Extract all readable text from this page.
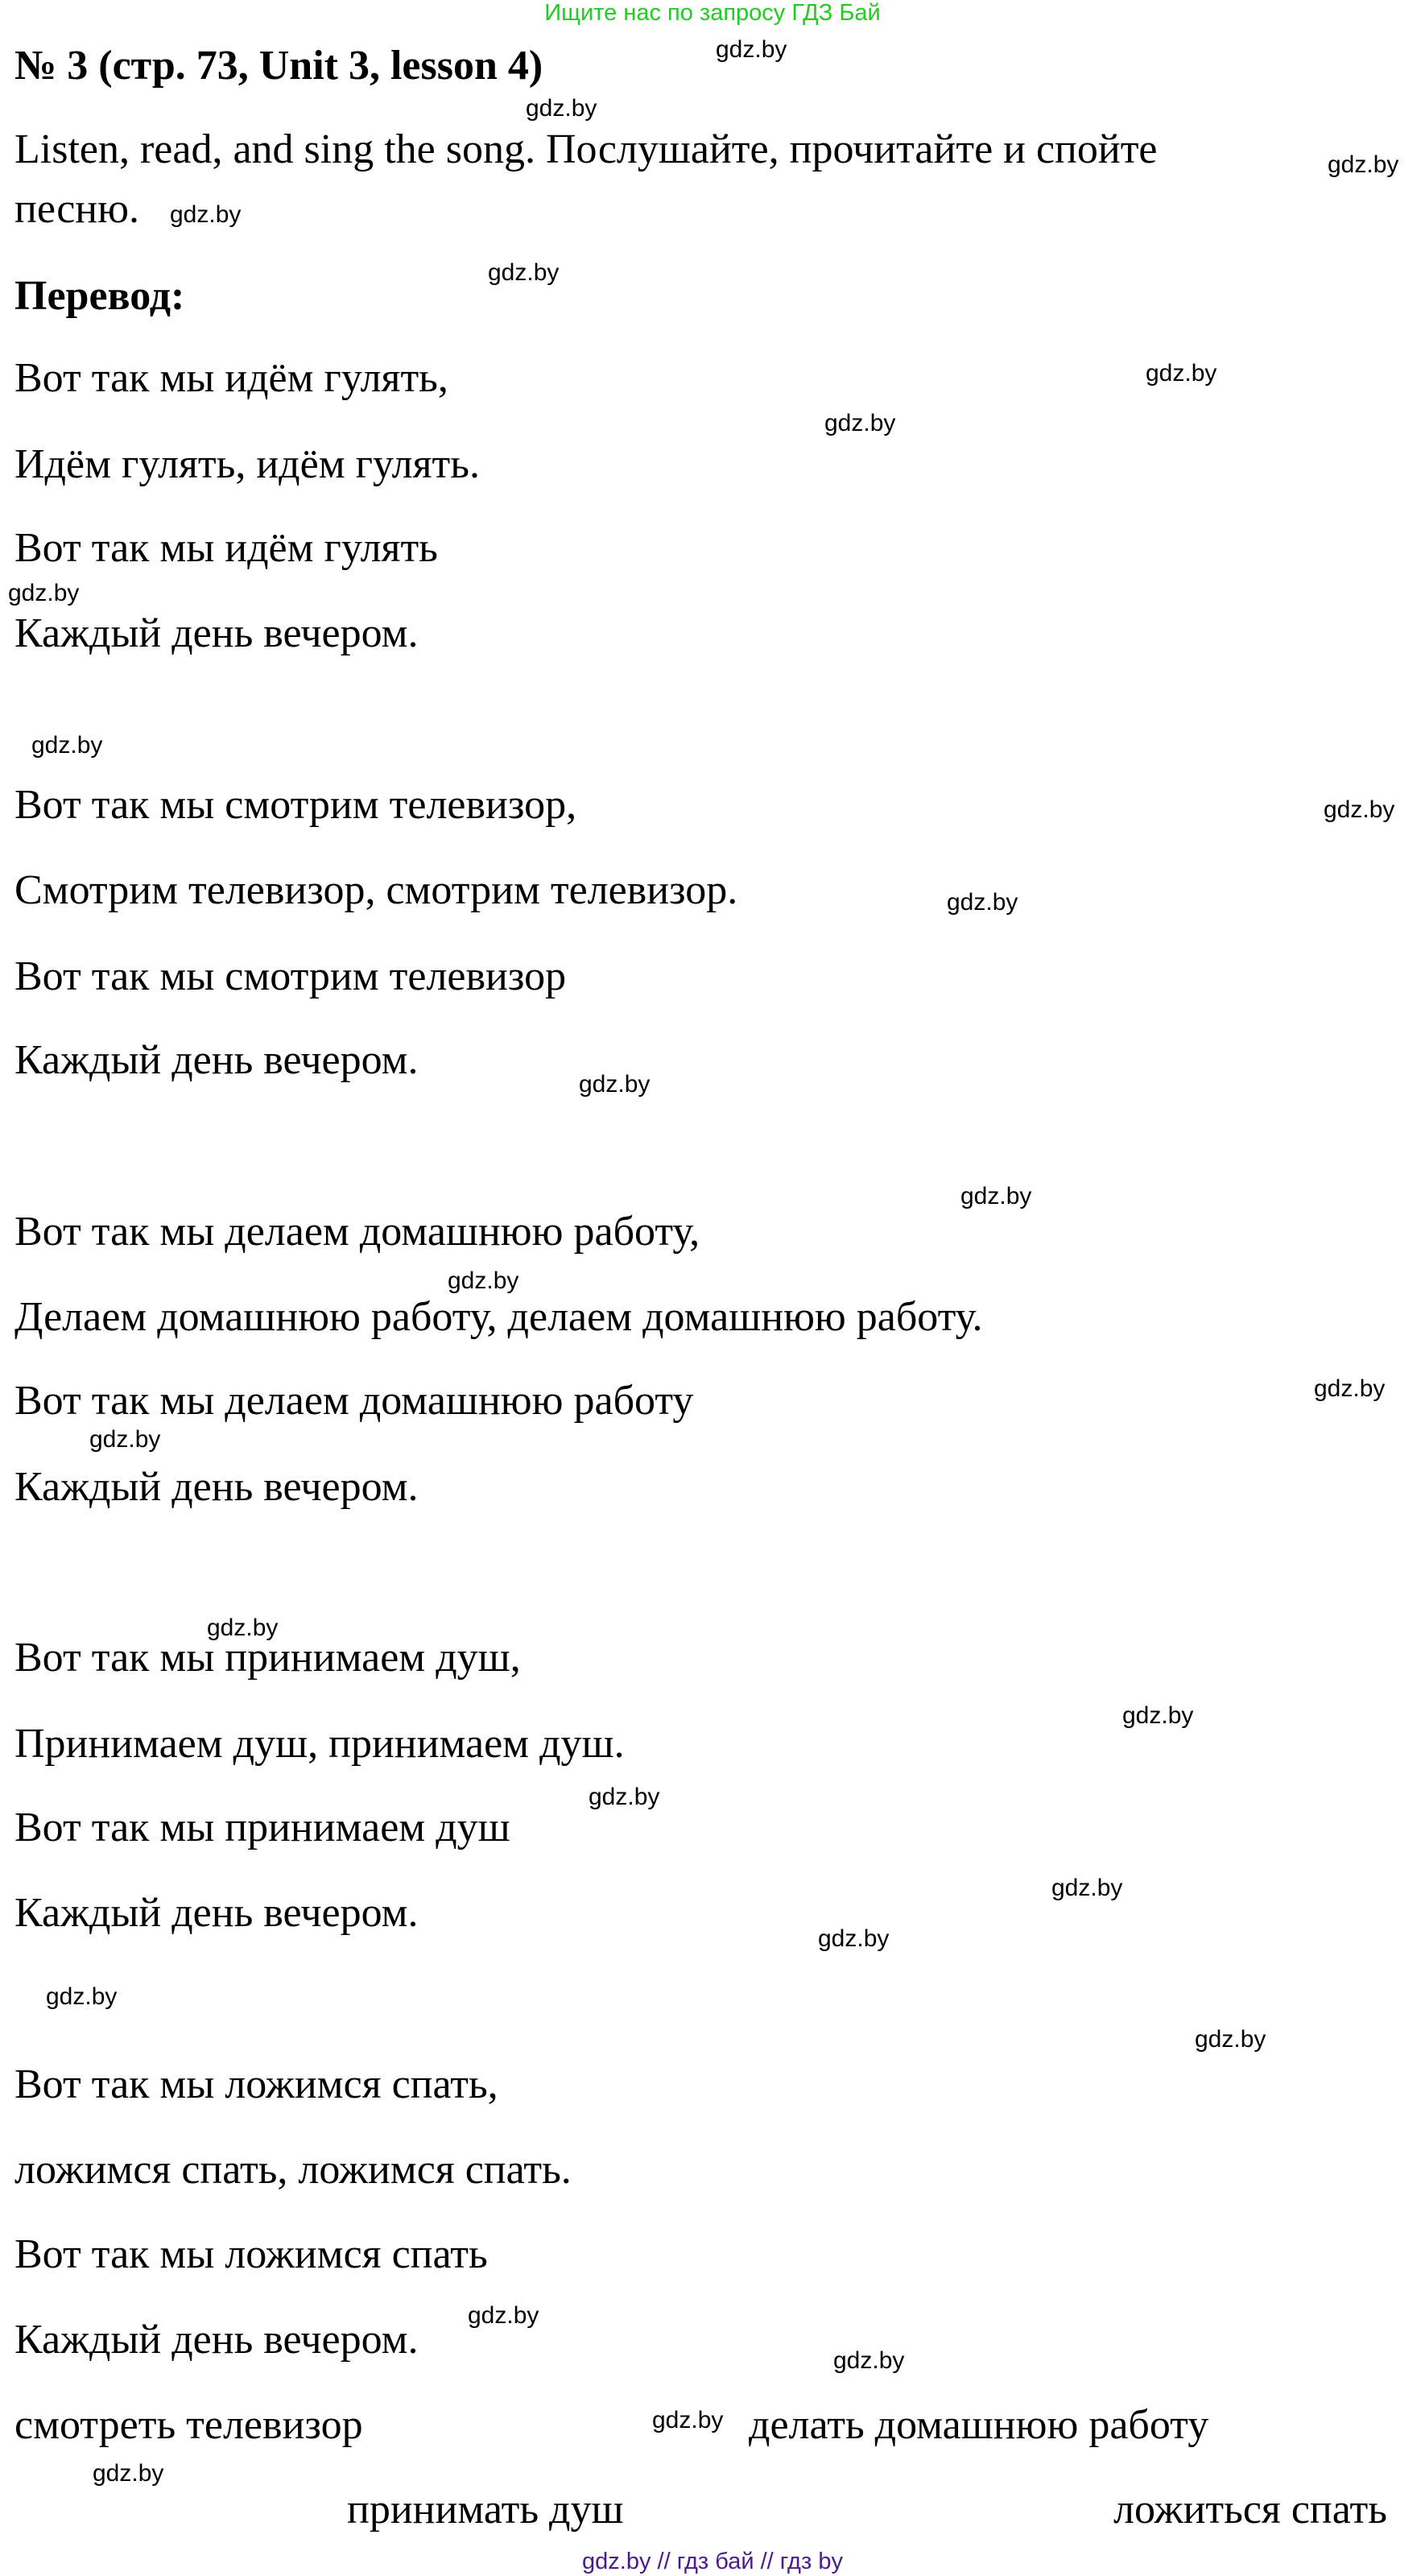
Ищите нас по запросу ГДЗ Бай
№ 3 (стр. 73, Unit 3, lesson 4)
Listen, read, and sing the song. Послушайте, прочитайте и спойте
песню.
Перевод:
Вот так мы идём гулять,
Идём гулять, идём гулять.
Вот так мы идём гулять
Каждый день вечером.
Вот так мы смотрим телевизор,
Смотрим телевизор, смотрим телевизор.
Вот так мы смотрим телевизор
Каждый день вечером.
Вот так мы делаем домашнюю работу,
Делаем домашнюю работу, делаем домашнюю работу.
Вот так мы делаем домашнюю работу
Каждый день вечером.
Вот так мы принимаем душ,
Принимаем душ, принимаем душ.
Вот так мы принимаем душ
Каждый день вечером.
Вот так мы ложимся спать,
ложимся спать, ложимся спать.
Вот так мы ложимся спать
Каждый день вечером.
смотреть телевизор	делать домашнюю работу
принимать душ	ложиться спать
gdz.by
gdz.by
gdz.by
gdz.by
gdz.by
gdz.by
gdz.by
gdz.by
gdz.by
gdz.by
gdz.by
gdz.by
gdz.by
gdz.by
gdz.by
gdz.by
gdz.by
gdz.by
gdz.by
gdz.by
gdz.by
gdz.by
gdz.by
gdz.by
gdz.by
gdz.by
gdz.by
gdz.by // гдз бай // гдз by
